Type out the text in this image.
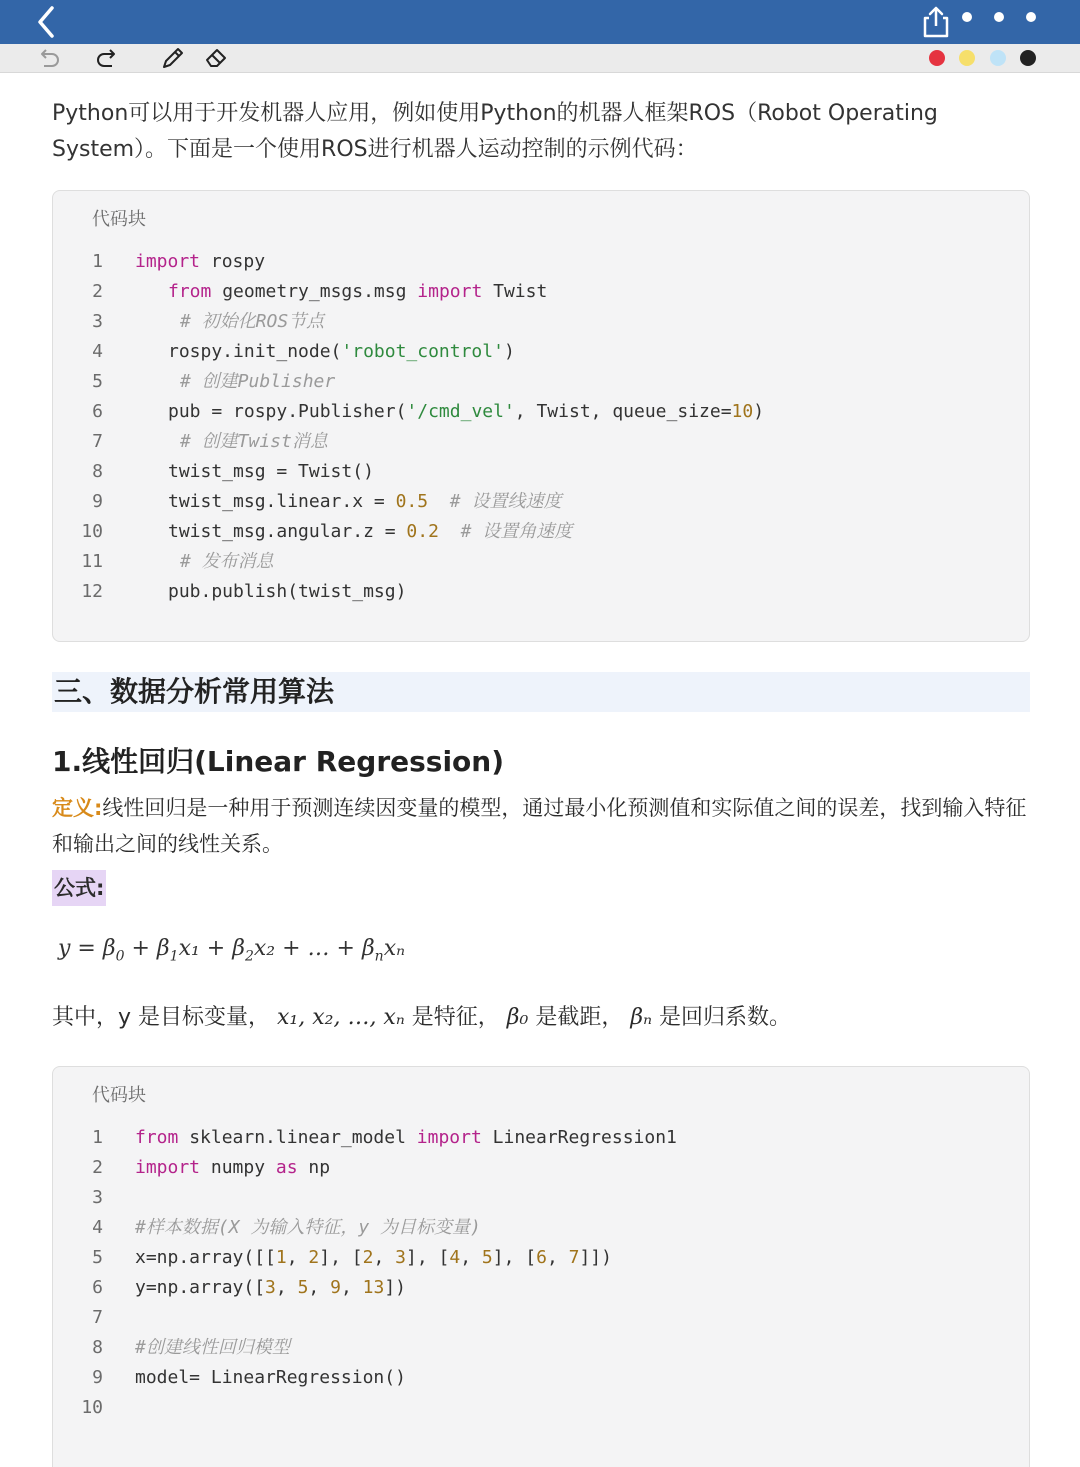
Python可以用于开发机器人应用，例如使用Python的机器人框架ROS（Robot Operating System）。下面是一个使用ROS进行机器人运动控制的示例代码：
代码块
1 import rospy
2	from geometry_msgs.msg import Twist
3	# 初始化ROS节点
4	rospy.init_node('robot_control')
5	# 创建Publisher
6	pub = rospy.Publisher('/cmd_vel', Twist, queue_size=10)
7	# 创建Twist消息
8	twist_msg = Twist()
9	twist_msg.linear.x = 0.5 # 设置线速度
10	twist_msg.angular.z = 0.2 # 设置角速度
11	# 发布消息
12	pub.publish(twist_msg)
三、数据分析常用算法
1.线性回归(Linear Regression)
定义:线性回归是一种用于预测连续因变量的模型，通过最小化预测值和实际值之间的误差，找到输入特征和输出之间的线性关系。
公式:
$y = \beta_0 + \beta_1x_1 + \beta_2x_2$ + … + $\beta_nx_n$
其中，y 是目标变量， x₁, x₂, …, xₙ 是特征， β₀ 是截距， βₙ 是回归系数。
代码块
1 from sklearn.linear_model import LinearRegression1
2 import numpy as np
3
4 #样本数据(X 为输入特征，y 为目标变量)
5 x=np.array([[1, 2], [2, 3], [4, 5], [6, 7]])
6 y=np.array([3, 5, 9, 13])
7
8 #创建线性回归模型
9 model= LinearRegression()
10
